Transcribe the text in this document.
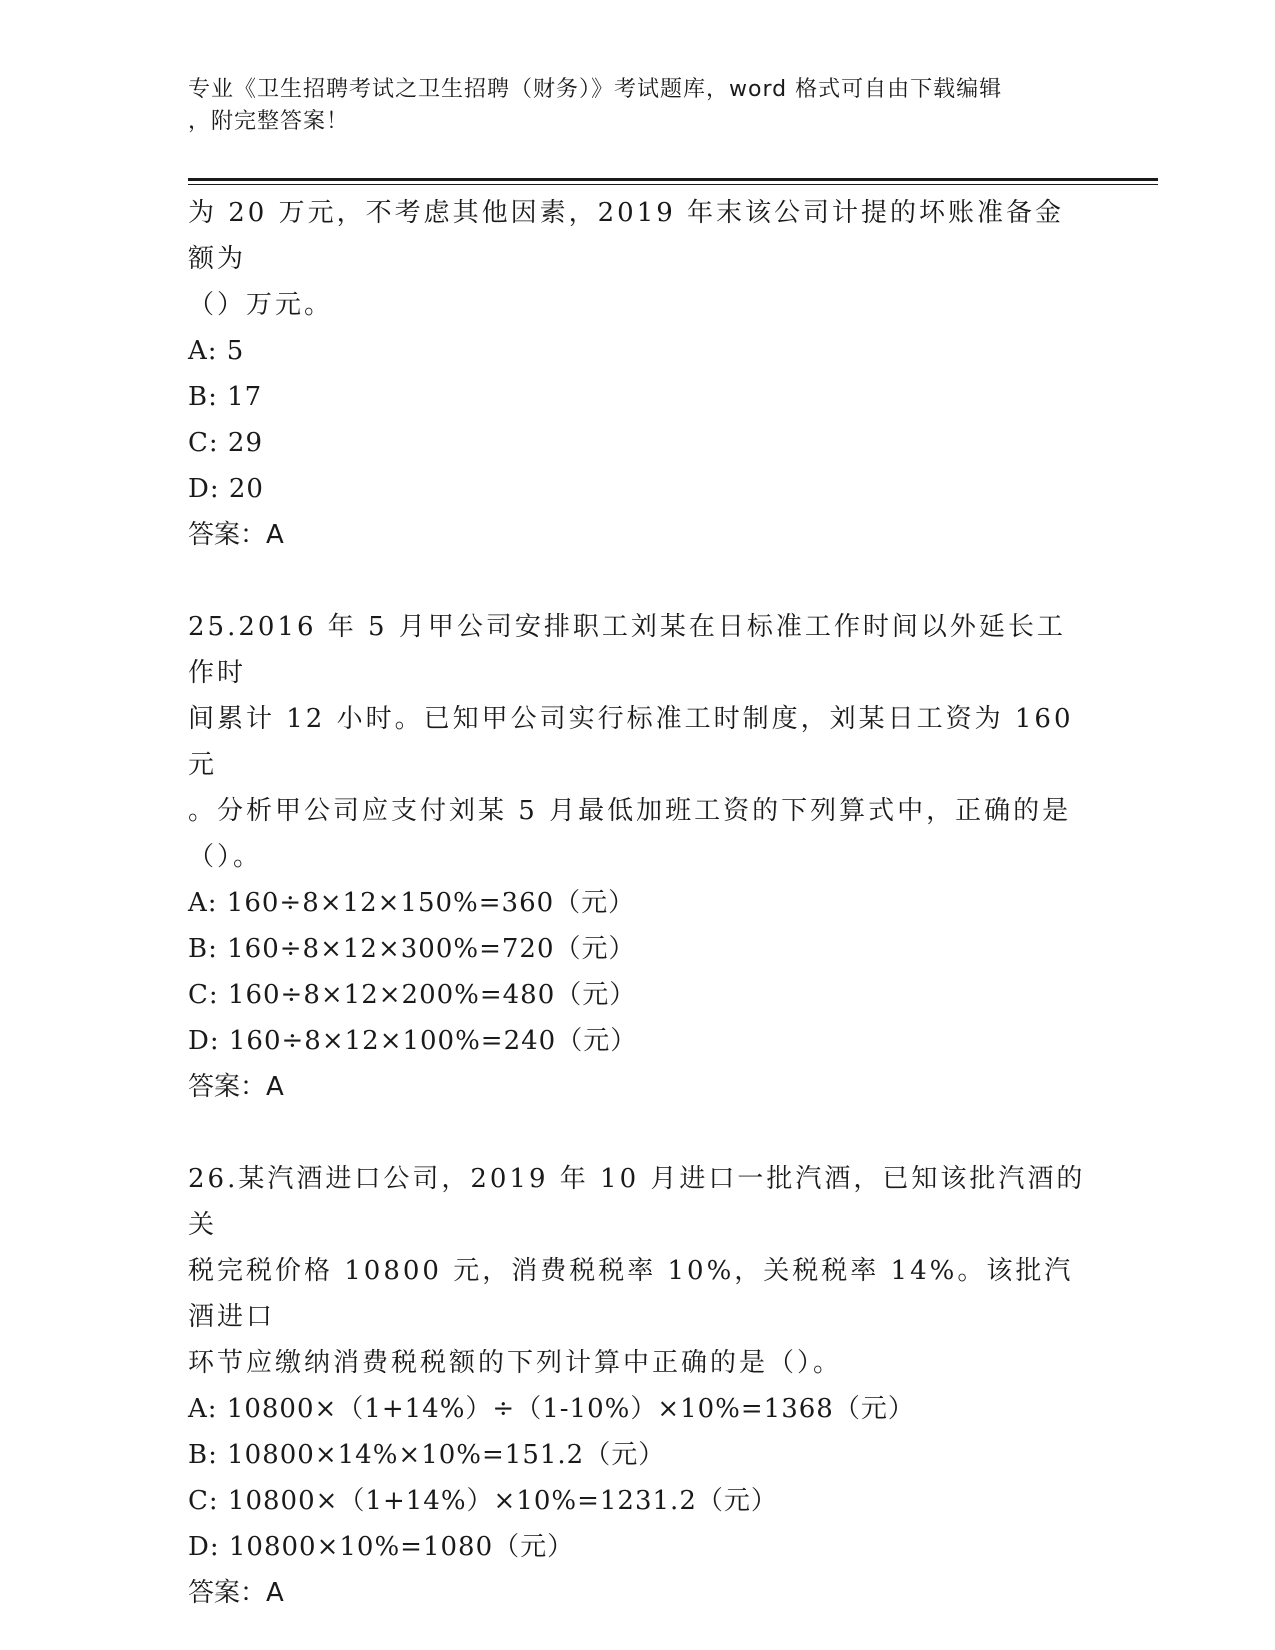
专业《卫生招聘考试之卫生招聘（财务）》考试题库，word 格式可自由下载编辑

，附完整答案！

为 20 万元，不考虑其他因素，2019 年末该公司计提的坏账准备金额为

（）万元。

A: 5

B: 17

C: 29

D: 20

答案：A

25.2016 年 5 月甲公司安排职工刘某在日标准工作时间以外延长工作时

间累计 12 小时。已知甲公司实行标准工时制度，刘某日工资为 160 元

。分析甲公司应支付刘某 5 月最低加班工资的下列算式中，正确的是

（）。

A: 160÷8×12×150%=360（元）

B: 160÷8×12×300%=720（元）

C: 160÷8×12×200%=480（元）

D: 160÷8×12×100%=240（元）

答案：A

26.某汽酒进口公司，2019 年 10 月进口一批汽酒，已知该批汽酒的关

税完税价格 10800 元，消费税税率 10%，关税税率 14%。该批汽酒进口

环节应缴纳消费税税额的下列计算中正确的是（）。

A: 10800×（1+14%）÷（1-10%）×10%=1368（元）

B: 10800×14%×10%=151.2（元）

C: 10800×（1+14%）×10%=1231.2（元）

D: 10800×10%=1080（元）

答案：A
